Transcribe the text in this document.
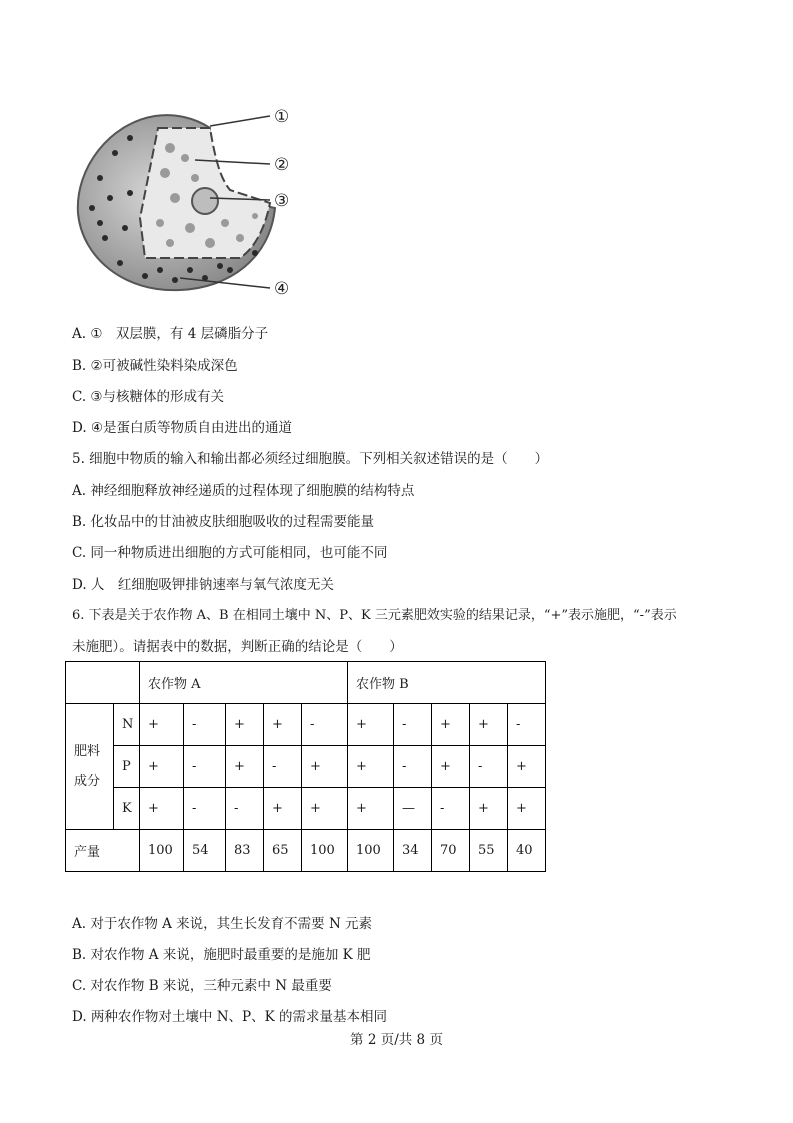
①
②
③
④
A. ①　双层膜，有 4 层磷脂分子
B. ②可被碱性染料染成深色
C. ③与核糖体的形成有关
D. ④是蛋白质等物质自由进出的通道
5. 细胞中物质的输入和输出都必须经过细胞膜。下列相关叙述错误的是（　　）
A. 神经细胞释放神经递质的过程体现了细胞膜的结构特点
B. 化妆品中的甘油被皮肤细胞吸收的过程需要能量
C. 同一种物质进出细胞的方式可能相同，也可能不同
D. 人　红细胞吸钾排钠速率与氧气浓度无关
6. 下表是关于农作物 A、B 在相同土壤中 N、P、K 三元素肥效实验的结果记录，“+”表示施肥，“-”表示
未施肥）。请据表中的数据，判断正确的结论是（　　）
		农作物 A					农作物 B				
肥料
成分	N	+	-	+	+	-	+	-	+	+	-
	P	+	-	+	-	+	+	-	+	-	+
	K	+	-	-	+	+	+	—	-	+	+
产量		100	54	83	65	100	100	34	70	55	40
A. 对于农作物 A 来说，其生长发育不需要 N 元素
B. 对农作物 A 来说，施肥时最重要的是施加 K 肥
C. 对农作物 B 来说，三种元素中 N 最重要
D. 两种农作物对土壤中 N、P、K 的需求量基本相同
第 2 页/共 8 页
